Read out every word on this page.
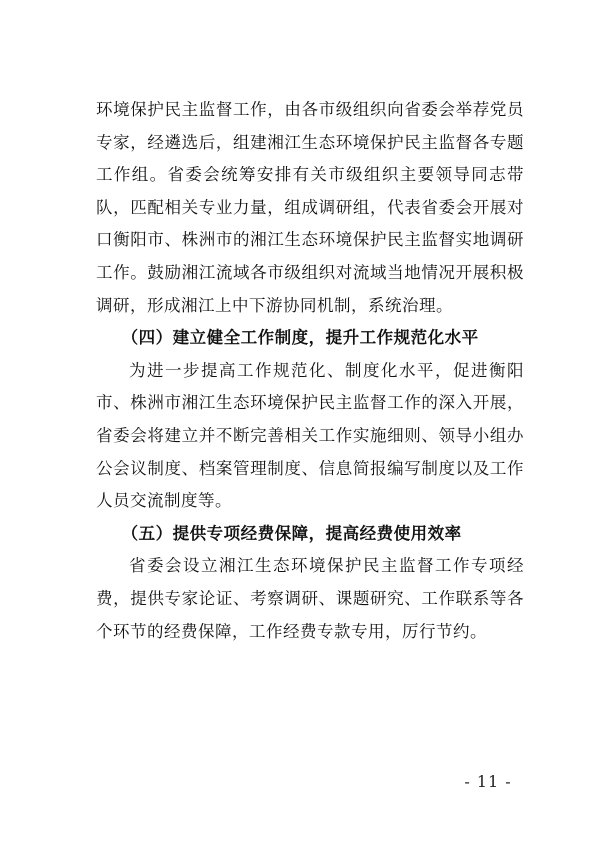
环境保护民主监督工作，由各市级组织向省委会举荐党员专家，经遴选后，组建湘江生态环境保护民主监督各专题工作组。省委会统筹安排有关市级组织主要领导同志带队，匹配相关专业力量，组成调研组，代表省委会开展对口衡阳市、株洲市的湘江生态环境保护民主监督实地调研工作。鼓励湘江流域各市级组织对流域当地情况开展积极调研，形成湘江上中下游协同机制，系统治理。

（四）建立健全工作制度，提升工作规范化水平

为进一步提高工作规范化、制度化水平，促进衡阳市、株洲市湘江生态环境保护民主监督工作的深入开展，省委会将建立并不断完善相关工作实施细则、领导小组办公会议制度、档案管理制度、信息简报编写制度以及工作人员交流制度等。

（五）提供专项经费保障，提高经费使用效率

省委会设立湘江生态环境保护民主监督工作专项经费，提供专家论证、考察调研、课题研究、工作联系等各个环节的经费保障，工作经费专款专用，厉行节约。

- 11 -
